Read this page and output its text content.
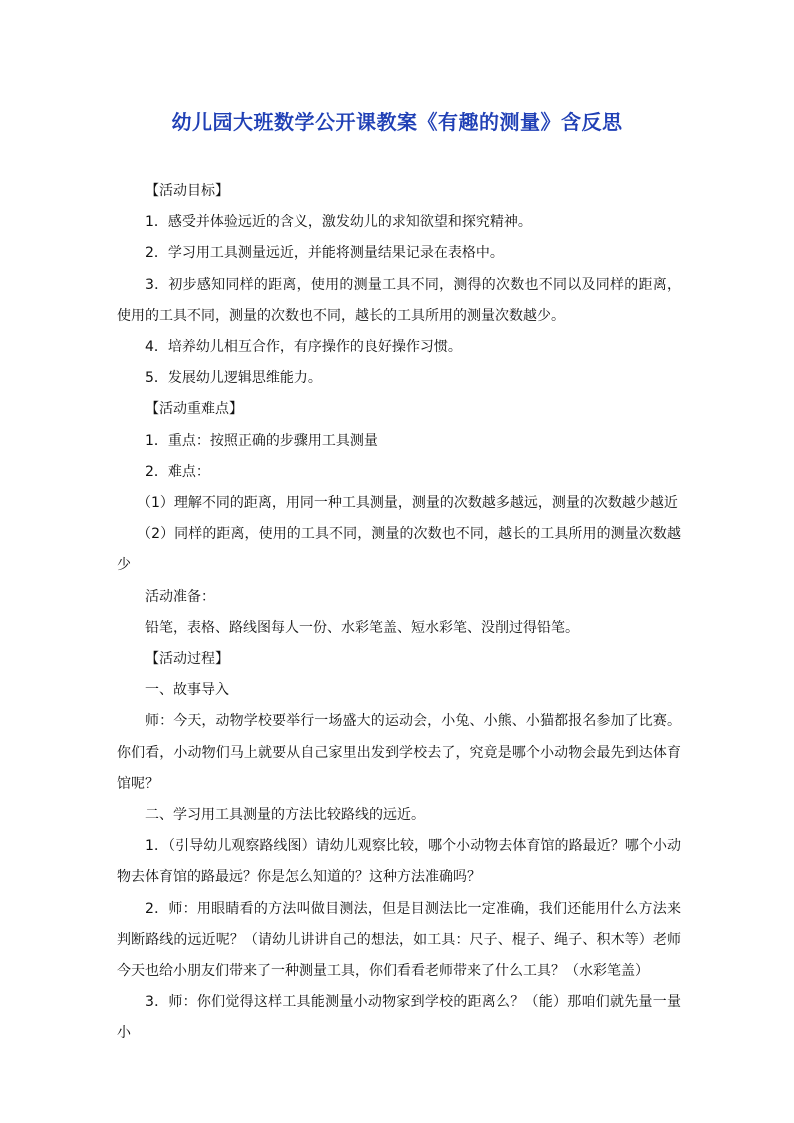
幼儿园大班数学公开课教案《有趣的测量》含反思

【活动目标】

1．感受并体验远近的含义，激发幼儿的求知欲望和探究精神。

2．学习用工具测量远近，并能将测量结果记录在表格中。

3．初步感知同样的距离，使用的测量工具不同，测得的次数也不同以及同样的距离，使用的工具不同，测量的次数也不同，越长的工具所用的测量次数越少。

4．培养幼儿相互合作，有序操作的良好操作习惯。

5．发展幼儿逻辑思维能力。

【活动重难点】

1．重点：按照正确的步骤用工具测量

2．难点：

（1）理解不同的距离，用同一种工具测量，测量的次数越多越远，测量的次数越少越近

（2）同样的距离，使用的工具不同，测量的次数也不同，越长的工具所用的测量次数越少

活动准备：

铅笔，表格、路线图每人一份、水彩笔盖、短水彩笔、没削过得铅笔。

【活动过程】

一、故事导入

师：今天，动物学校要举行一场盛大的运动会，小兔、小熊、小猫都报名参加了比赛。你们看，小动物们马上就要从自己家里出发到学校去了，究竟是哪个小动物会最先到达体育馆呢？

二、学习用工具测量的方法比较路线的远近。

1．（引导幼儿观察路线图）请幼儿观察比较，哪个小动物去体育馆的路最近？哪个小动物去体育馆的路最远？你是怎么知道的？这种方法准确吗？

2．师：用眼睛看的方法叫做目测法，但是目测法比一定准确，我们还能用什么方法来判断路线的远近呢？（请幼儿讲讲自己的想法，如工具：尺子、棍子、绳子、积木等）老师今天也给小朋友们带来了一种测量工具，你们看看老师带来了什么工具？（水彩笔盖）

3．师：你们觉得这样工具能测量小动物家到学校的距离么？（能）那咱们就先量一量小
